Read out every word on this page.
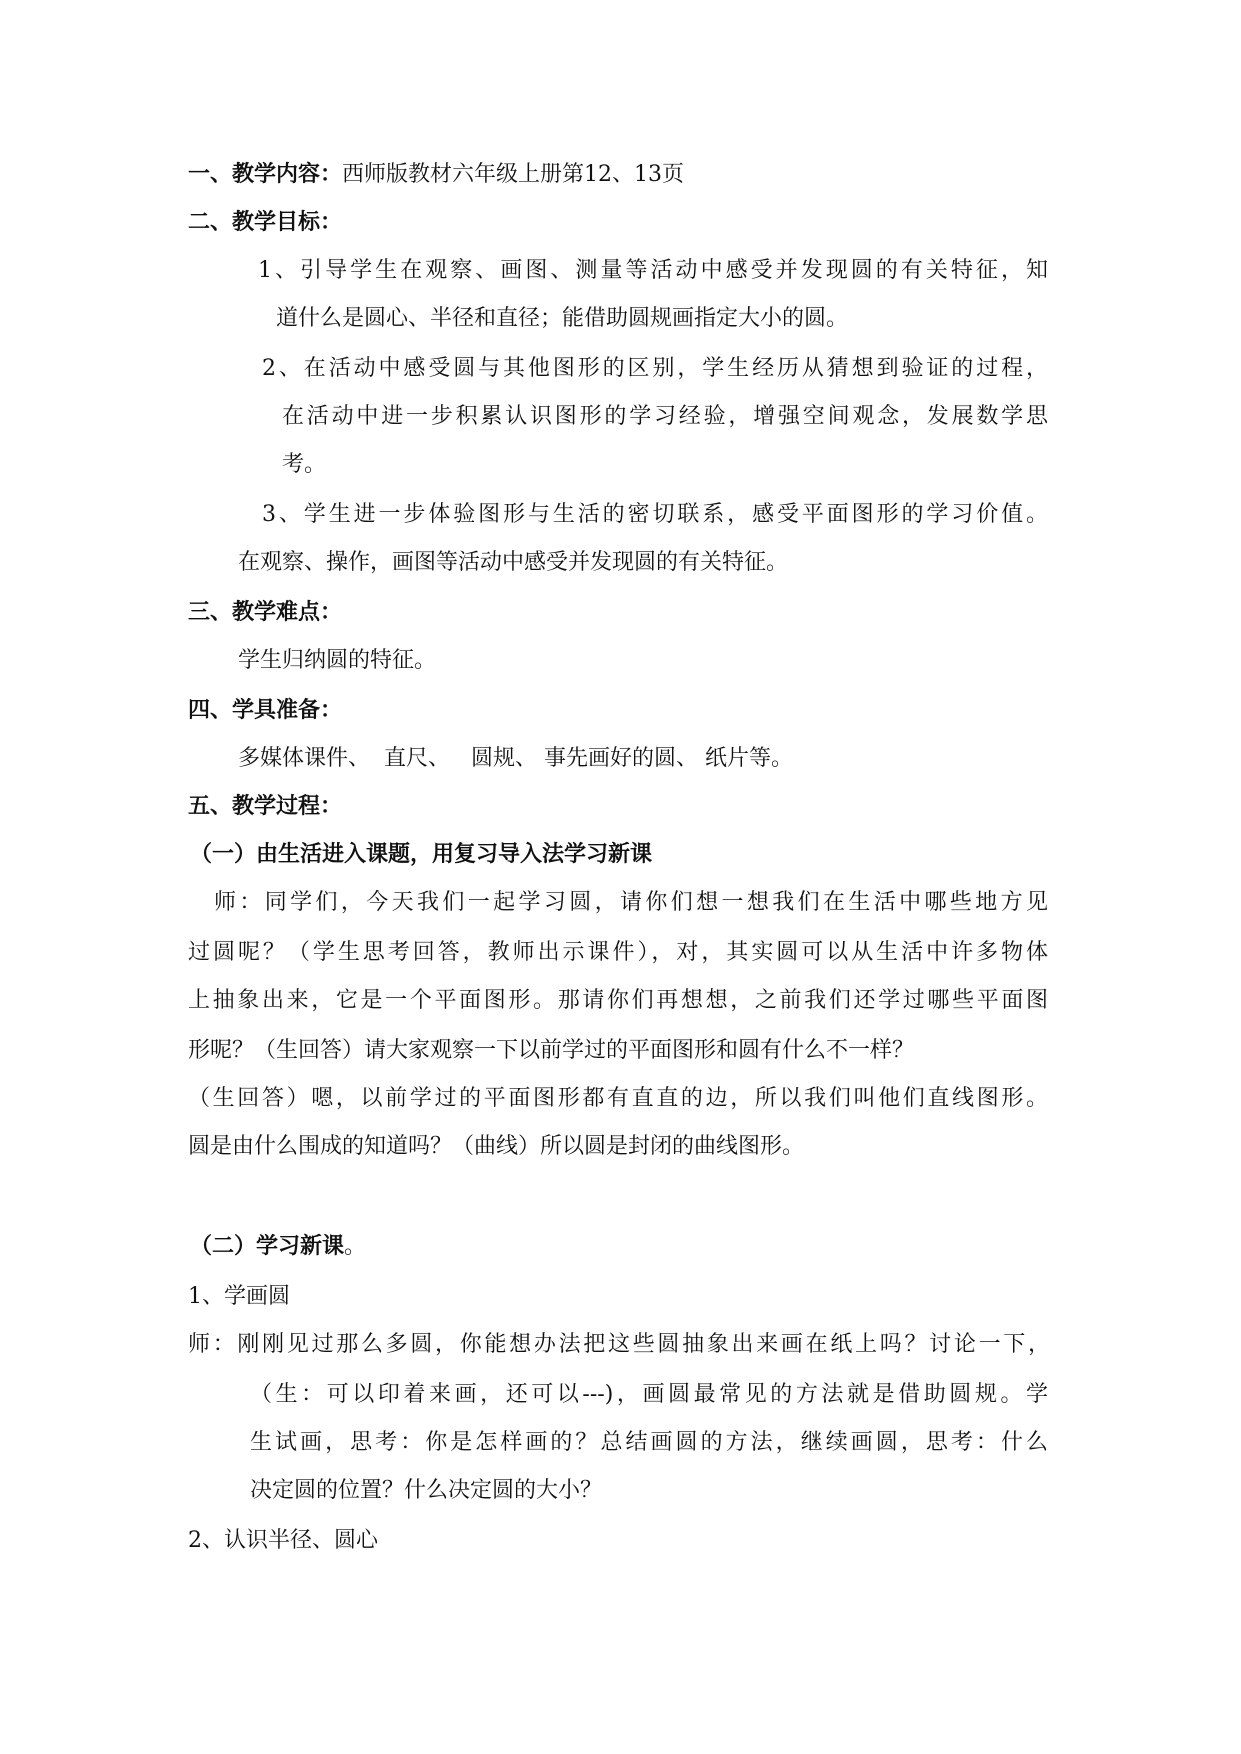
一、教学内容：西师版教材六年级上册第12、13页
二、教学目标：
1、引导学生在观察、画图、测量等活动中感受并发现圆的有关特征，知
道什么是圆心、半径和直径；能借助圆规画指定大小的圆。
2、在活动中感受圆与其他图形的区别，学生经历从猜想到验证的过程，
在活动中进一步积累认识图形的学习经验，增强空间观念，发展数学思
考。
3、学生进一步体验图形与生活的密切联系，感受平面图形的学习价值。
在观察、操作，画图等活动中感受并发现圆的有关特征。
三、教学难点：
学生归纳圆的特征。
四、学具准备：
多媒体课件、  直尺、   圆规、 事先画好的圆、 纸片等。
五、教学过程：
（一）由生活进入课题，用复习导入法学习新课
师：同学们，今天我们一起学习圆，请你们想一想我们在生活中哪些地方见
过圆呢？（学生思考回答，教师出示课件），对，其实圆可以从生活中许多物体
上抽象出来，它是一个平面图形。那请你们再想想，之前我们还学过哪些平面图
形呢？（生回答）请大家观察一下以前学过的平面图形和圆有什么不一样？
（生回答）嗯，以前学过的平面图形都有直直的边，所以我们叫他们直线图形。
圆是由什么围成的知道吗？（曲线）所以圆是封闭的曲线图形。
（二）学习新课。
1、学画圆
师：刚刚见过那么多圆，你能想办法把这些圆抽象出来画在纸上吗？讨论一下，
（生：可以印着来画，还可以---)，画圆最常见的方法就是借助圆规。学
生试画，思考：你是怎样画的？总结画圆的方法，继续画圆，思考：什么
决定圆的位置？什么决定圆的大小？
2、认识半径、圆心
